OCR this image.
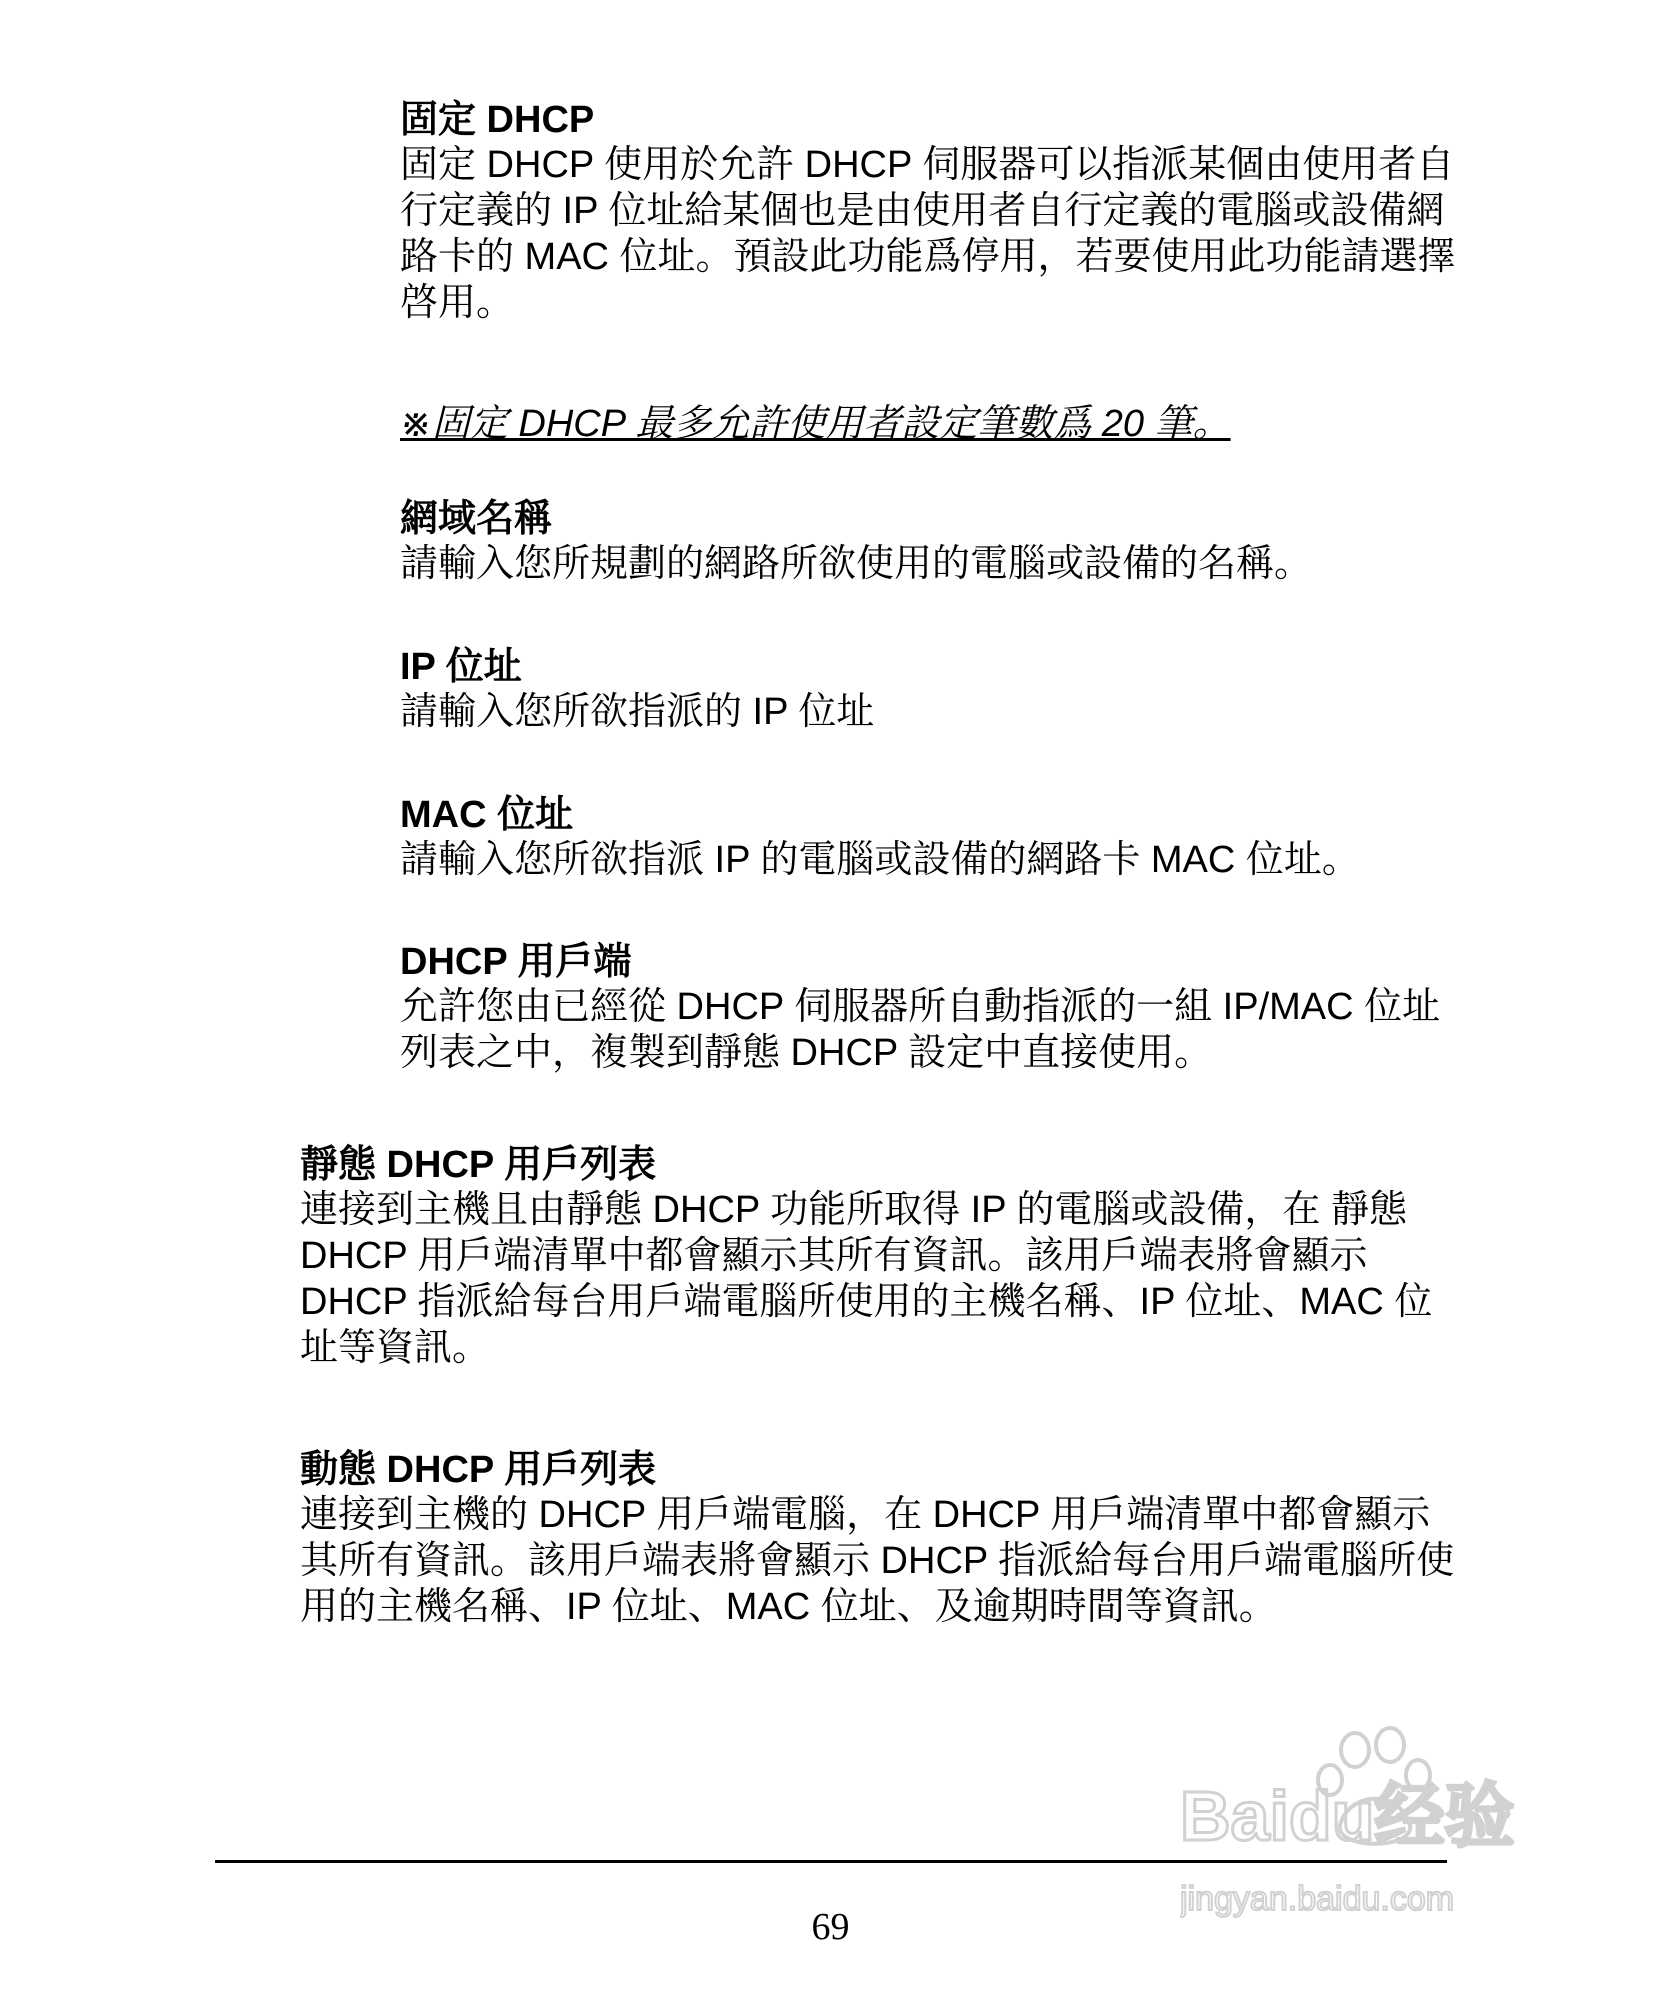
固定 DHCP

固定 DHCP 使用於允許 DHCP 伺服器可以指派某個由使用者自行定義的 IP 位址給某個也是由使用者自行定義的電腦或設備網路卡的 MAC 位址。預設此功能爲停用，若要使用此功能請選擇啓用。

※固定 DHCP 最多允許使用者設定筆數爲 20 筆。

網域名稱

請輸入您所規劃的網路所欲使用的電腦或設備的名稱。

IP 位址

請輸入您所欲指派的 IP 位址

MAC 位址

請輸入您所欲指派 IP 的電腦或設備的網路卡 MAC 位址。

DHCP 用戶端

允許您由已經從 DHCP 伺服器所自動指派的一組 IP/MAC 位址列表之中，複製到靜態 DHCP 設定中直接使用。

靜態 DHCP 用戶列表

連接到主機且由靜態 DHCP 功能所取得 IP 的電腦或設備，在 靜態 DHCP 用戶端清單中都會顯示其所有資訊。該用戶端表將會顯示 DHCP 指派給每台用戶端電腦所使用的主機名稱、IP 位址、MAC 位址等資訊。

動態 DHCP 用戶列表

連接到主機的 DHCP 用戶端電腦，在 DHCP 用戶端清單中都會顯示其所有資訊。該用戶端表將會顯示 DHCP 指派給每台用戶端電腦所使用的主機名稱、IP 位址、MAC 位址、及逾期時間等資訊。

69
Baidu经验
jingyan.baidu.com
